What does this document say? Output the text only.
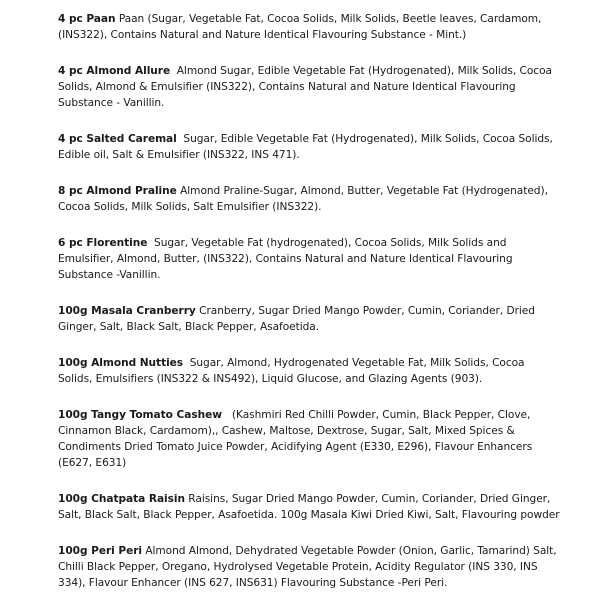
4 pc Paan Paan (Sugar, Vegetable Fat, Cocoa Solids, Milk Solids, Beetle leaves, Cardamom, (INS322), Contains Natural and Nature Identical Flavouring Substance - Mint.)

4 pc Almond Allure Almond Sugar, Edible Vegetable Fat (Hydrogenated), Milk Solids, Cocoa Solids, Almond & Emulsifier (INS322), Contains Natural and Nature Identical Flavouring Substance - Vanillin.

4 pc Salted Caremal Sugar, Edible Vegetable Fat (Hydrogenated), Milk Solids, Cocoa Solids, Edible oil, Salt & Emulsifier (INS322, INS 471).

8 pc Almond Praline Almond Praline-Sugar, Almond, Butter, Vegetable Fat (Hydrogenated), Cocoa Solids, Milk Solids, Salt Emulsifier (INS322).

6 pc Florentine Sugar, Vegetable Fat (hydrogenated), Cocoa Solids, Milk Solids and Emulsifier, Almond, Butter, (INS322), Contains Natural and Nature Identical Flavouring Substance -Vanillin.

100g Masala Cranberry Cranberry, Sugar Dried Mango Powder, Cumin, Coriander, Dried Ginger, Salt, Black Salt, Black Pepper, Asafoetida.

100g Almond Nutties Sugar, Almond, Hydrogenated Vegetable Fat, Milk Solids, Cocoa Solids, Emulsifiers (INS322 & INS492), Liquid Glucose, and Glazing Agents (903).

100g Tangy Tomato Cashew (Kashmiri Red Chilli Powder, Cumin, Black Pepper, Clove, Cinnamon Black, Cardamom),, Cashew, Maltose, Dextrose, Sugar, Salt, Mixed Spices & Condiments Dried Tomato Juice Powder, Acidifying Agent (E330, E296), Flavour Enhancers (E627, E631)

100g Chatpata Raisin Raisins, Sugar Dried Mango Powder, Cumin, Coriander, Dried Ginger, Salt, Black Salt, Black Pepper, Asafoetida. 100g Masala Kiwi Dried Kiwi, Salt, Flavouring powder

100g Peri Peri Almond Almond, Dehydrated Vegetable Powder (Onion, Garlic, Tamarind) Salt, Chilli Black Pepper, Oregano, Hydrolysed Vegetable Protein, Acidity Regulator (INS 330, INS 334), Flavour Enhancer (INS 627, INS631) Flavouring Substance -Peri Peri.
